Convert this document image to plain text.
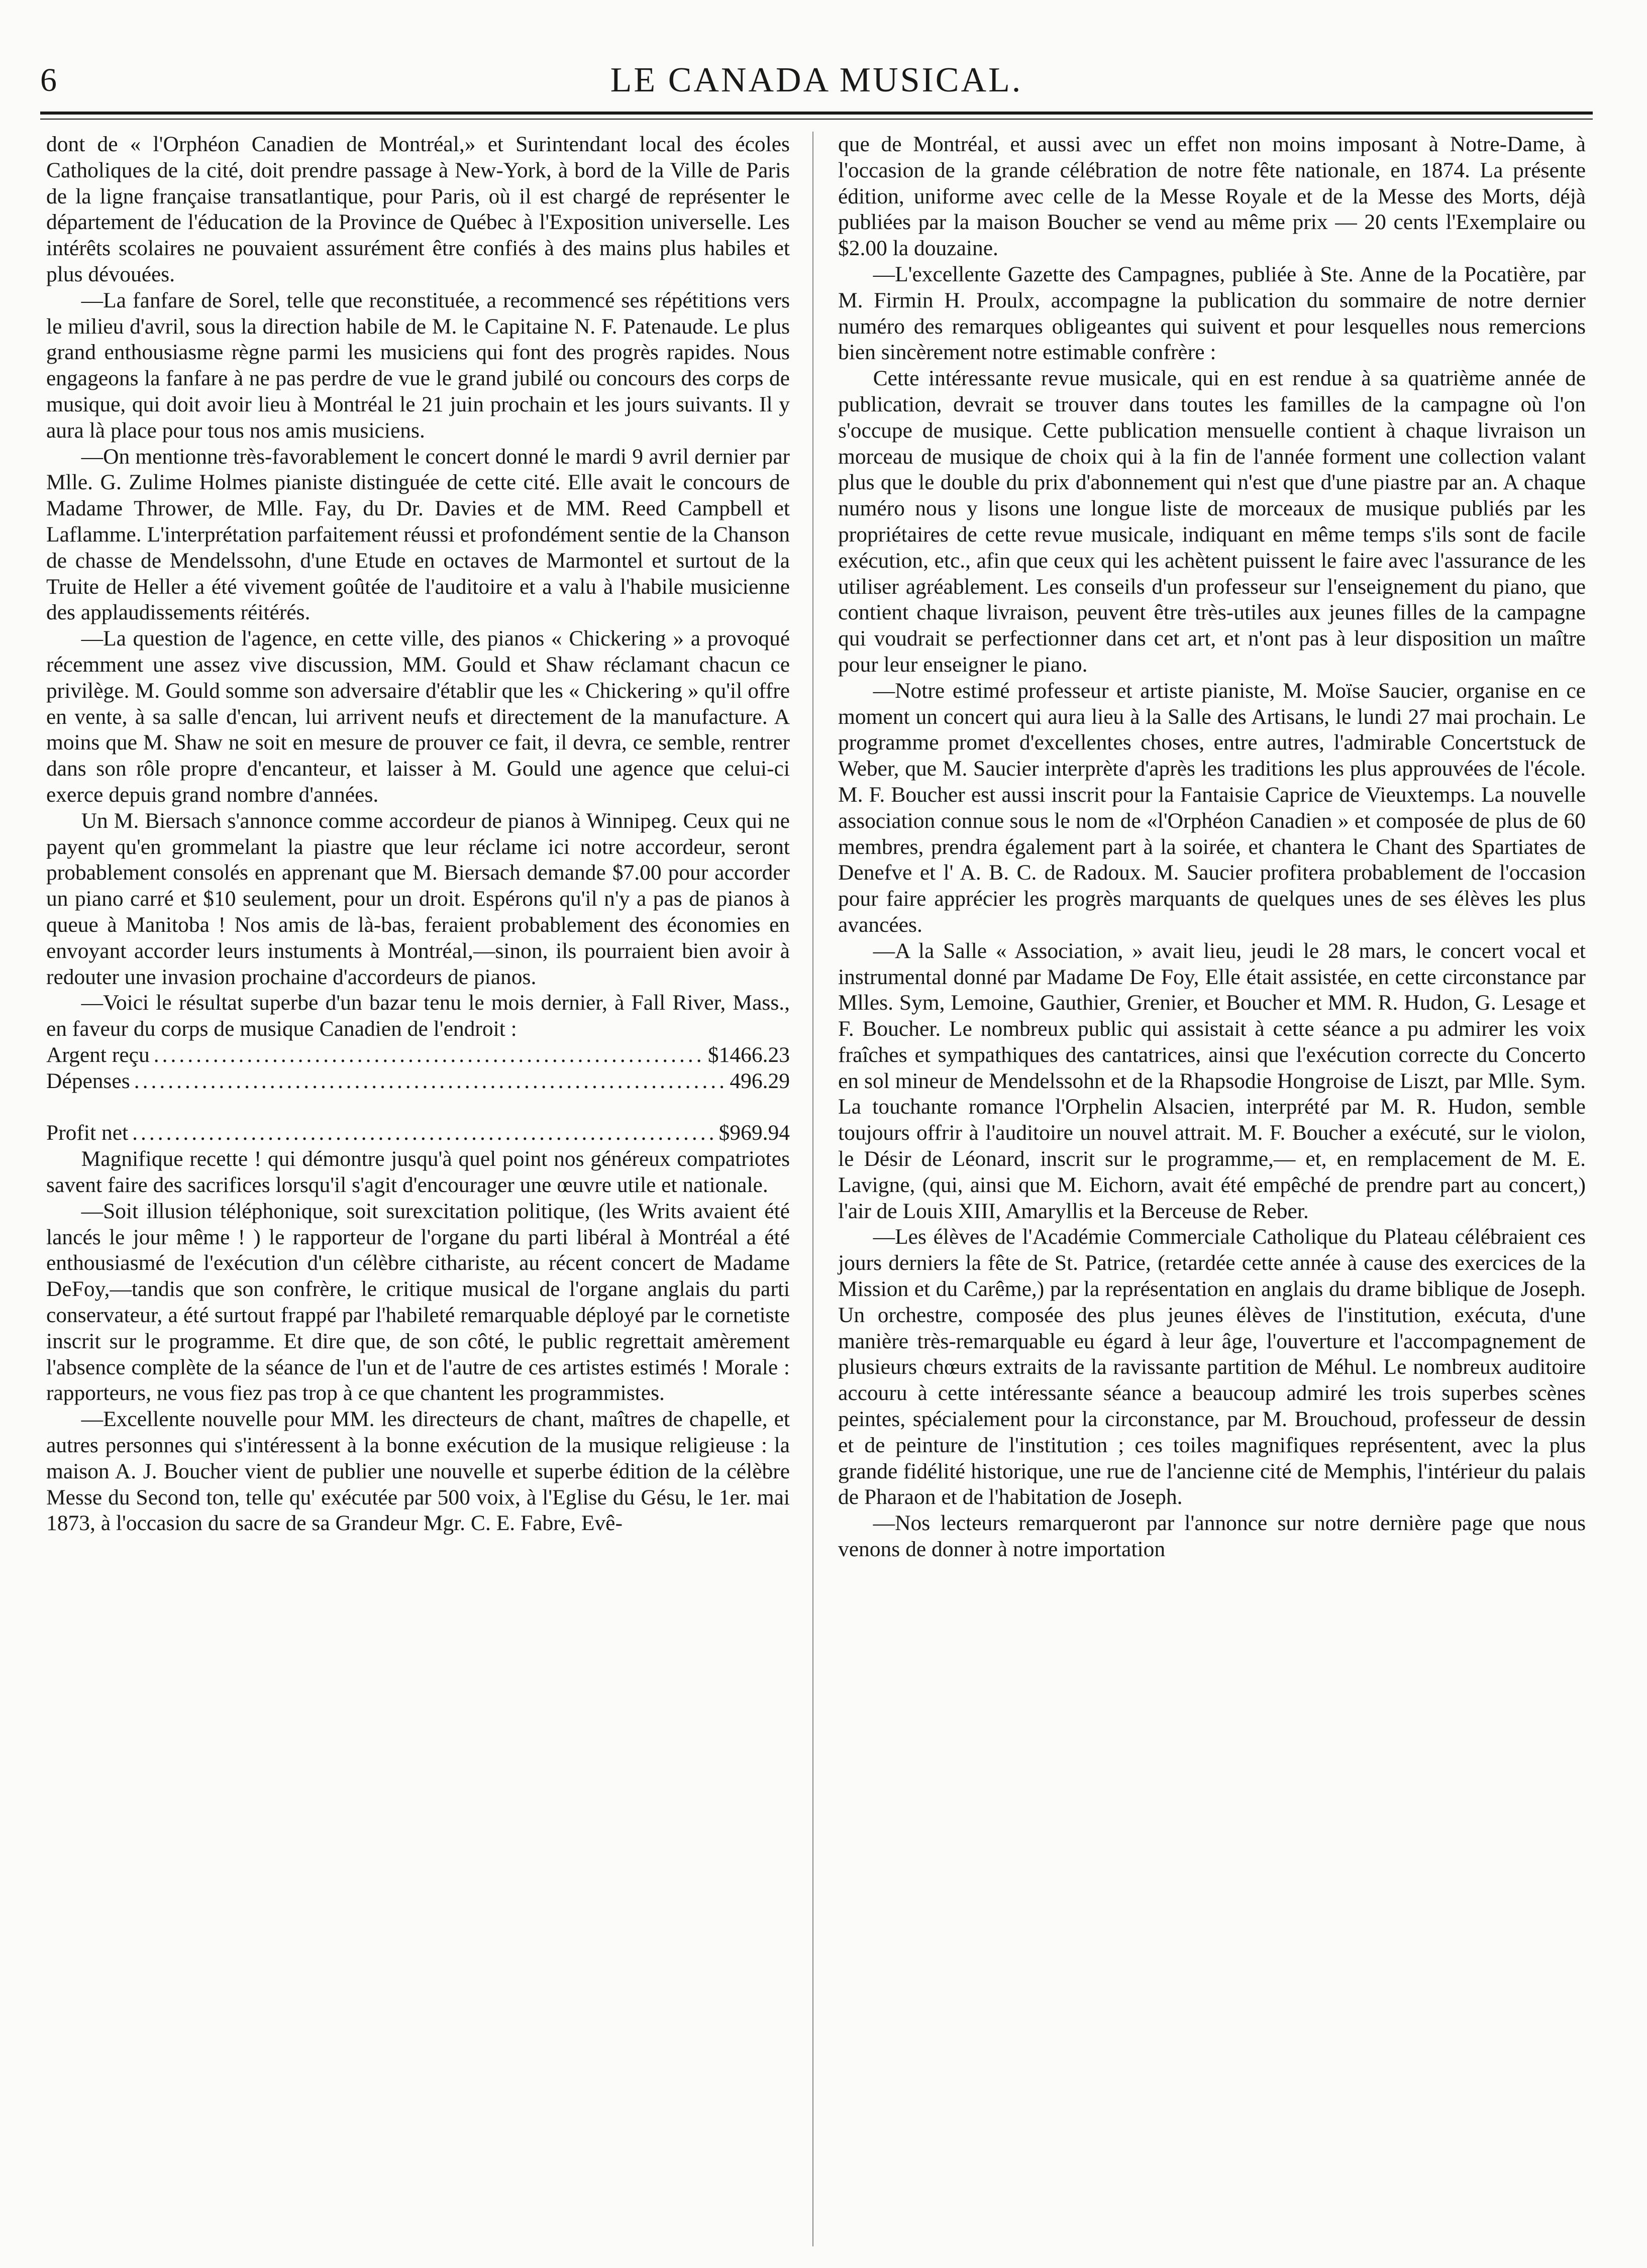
6	LE CANADA MUSICAL.

dont de « l'Orphéon Canadien de Montréal,» et Surintendant local des écoles Catholiques de la cité, doit prendre passage à New-York, à bord de la Ville de Paris de la ligne française transatlantique, pour Paris, où il est chargé de représenter le département de l'éducation de la Province de Québec à l'Exposition universelle. Les intérêts scolaires ne pouvaient assurément être confiés à des mains plus habiles et plus dévouées.

—La fanfare de Sorel, telle que reconstituée, a recommencé ses répétitions vers le milieu d'avril, sous la direction habile de M. le Capitaine N. F. Patenaude. Le plus grand enthousiasme règne parmi les musiciens qui font des progrès rapides. Nous engageons la fanfare à ne pas perdre de vue le grand jubilé ou concours des corps de musique, qui doit avoir lieu à Montréal le 21 juin prochain et les jours suivants. Il y aura là place pour tous nos amis musiciens.

—On mentionne très-favorablement le concert donné le mardi 9 avril dernier par Mlle. G. Zulime Holmes pianiste distinguée de cette cité. Elle avait le concours de Madame Thrower, de Mlle. Fay, du Dr. Davies et de MM. Reed Campbell et Laflamme. L'interprétation parfaitement réussi et profondément sentie de la Chanson de chasse de Mendelssohn, d'une Etude en octaves de Marmontel et surtout de la Truite de Heller a été vivement goûtée de l'auditoire et a valu à l'habile musicienne des applaudissements réitérés.

—La question de l'agence, en cette ville, des pianos « Chickering » a provoqué récemment une assez vive discussion, MM. Gould et Shaw réclamant chacun ce privilège. M. Gould somme son adversaire d'établir que les « Chickering » qu'il offre en vente, à sa salle d'encan, lui arrivent neufs et directement de la manufacture. A moins que M. Shaw ne soit en mesure de prouver ce fait, il devra, ce semble, rentrer dans son rôle propre d'encanteur, et laisser à M. Gould une agence que celui-ci exerce depuis grand nombre d'années.

Un M. Biersach s'annonce comme accordeur de pianos à Winnipeg. Ceux qui ne payent qu'en grommelant la piastre que leur réclame ici notre accordeur, seront probablement consolés en apprenant que M. Biersach demande $7.00 pour accorder un piano carré et $10 seulement, pour un droit. Espérons qu'il n'y a pas de pianos à queue à Manitoba ! Nos amis de là-bas, feraient probablement des économies en envoyant accorder leurs instuments à Montréal,—sinon, ils pourraient bien avoir à redouter une invasion prochaine d'accordeurs de pianos.

—Voici le résultat superbe d'un bazar tenu le mois dernier, à Fall River, Mass., en faveur du corps de musique Canadien de l'endroit :

Argent reçu .....	$1466.23
Dépenses .....	496.29
Profit net .....	$969.94

Magnifique recette ! qui démontre jusqu'à quel point nos généreux compatriotes savent faire des sacrifices lorsqu'il s'agit d'encourager une œuvre utile et nationale.

—Soit illusion téléphonique, soit surexcitation politique, (les Writs avaient été lancés le jour même ! ) le rapporteur de l'organe du parti libéral à Montréal a été enthousiasmé de l'exécution d'un célèbre cithariste, au récent concert de Madame DeFoy,—tandis que son confrère, le critique musical de l'organe anglais du parti conservateur, a été surtout frappé par l'habileté remarquable déployé par le cornetiste inscrit sur le programme. Et dire que, de son côté, le public regrettait amèrement l'absence complète de la séance de l'un et de l'autre de ces artistes estimés ! Morale : rapporteurs, ne vous fiez pas trop à ce que chantent les programmistes.

—Excellente nouvelle pour MM. les directeurs de chant, maîtres de chapelle, et autres personnes qui s'intéressent à la bonne exécution de la musique religieuse : la maison A. J. Boucher vient de publier une nouvelle et superbe édition de la célèbre Messe du Second ton, telle qu' exécutée par 500 voix, à l'Eglise du Gésu, le 1er. mai 1873, à l'occasion du sacre de sa Grandeur Mgr. C. E. Fabre, Evê-

que de Montréal, et aussi avec un effet non moins imposant à Notre-Dame, à l'occasion de la grande célébration de notre fête nationale, en 1874. La présente édition, uniforme avec celle de la Messe Royale et de la Messe des Morts, déjà publiées par la maison Boucher se vend au même prix — 20 cents l'Exemplaire ou $2.00 la douzaine.

—L'excellente Gazette des Campagnes, publiée à Ste. Anne de la Pocatière, par M. Firmin H. Proulx, accompagne la publication du sommaire de notre dernier numéro des remarques obligeantes qui suivent et pour lesquelles nous remercions bien sincèrement notre estimable confrère :

Cette intéressante revue musicale, qui en est rendue à sa quatrième année de publication, devrait se trouver dans toutes les familles de la campagne où l'on s'occupe de musique. Cette publication mensuelle contient à chaque livraison un morceau de musique de choix qui à la fin de l'année forment une collection valant plus que le double du prix d'abonnement qui n'est que d'une piastre par an. A chaque numéro nous y lisons une longue liste de morceaux de musique publiés par les propriétaires de cette revue musicale, indiquant en même temps s'ils sont de facile exécution, etc., afin que ceux qui les achètent puissent le faire avec l'assurance de les utiliser agréablement. Les conseils d'un professeur sur l'enseignement du piano, que contient chaque livraison, peuvent être très-utiles aux jeunes filles de la campagne qui voudrait se perfectionner dans cet art, et n'ont pas à leur disposition un maître pour leur enseigner le piano.

—Notre estimé professeur et artiste pianiste, M. Moïse Saucier, organise en ce moment un concert qui aura lieu à la Salle des Artisans, le lundi 27 mai prochain. Le programme promet d'excellentes choses, entre autres, l'admirable Concertstuck de Weber, que M. Saucier interprète d'après les traditions les plus approuvées de l'école. M. F. Boucher est aussi inscrit pour la Fantaisie Caprice de Vieuxtemps. La nouvelle association connue sous le nom de «l'Orphéon Canadien » et composée de plus de 60 membres, prendra également part à la soirée, et chantera le Chant des Spartiates de Denefve et l' A. B. C. de Radoux. M. Saucier profitera probablement de l'occasion pour faire apprécier les progrès marquants de quelques unes de ses élèves les plus avancées.

—A la Salle « Association, » avait lieu, jeudi le 28 mars, le concert vocal et instrumental donné par Madame De Foy, Elle était assistée, en cette circonstance par Mlles. Sym, Lemoine, Gauthier, Grenier, et Boucher et MM. R. Hudon, G. Lesage et F. Boucher. Le nombreux public qui assistait à cette séance a pu admirer les voix fraîches et sympathiques des cantatrices, ainsi que l'exécution correcte du Concerto en sol mineur de Mendelssohn et de la Rhapsodie Hongroise de Liszt, par Mlle. Sym. La touchante romance l'Orphelin Alsacien, interprété par M. R. Hudon, semble toujours offrir à l'auditoire un nouvel attrait. M. F. Boucher a exécuté, sur le violon, le Désir de Léonard, inscrit sur le programme,— et, en remplacement de M. E. Lavigne, (qui, ainsi que M. Eichorn, avait été empêché de prendre part au concert,) l'air de Louis XIII, Amaryllis et la Berceuse de Reber.

—Les élèves de l'Académie Commerciale Catholique du Plateau célébraient ces jours derniers la fête de St. Patrice, (retardée cette année à cause des exercices de la Mission et du Carême,) par la représentation en anglais du drame biblique de Joseph. Un orchestre, composée des plus jeunes élèves de l'institution, exécuta, d'une manière très-remarquable eu égard à leur âge, l'ouverture et l'accompagnement de plusieurs chœurs extraits de la ravissante partition de Méhul. Le nombreux auditoire accouru à cette intéressante séance a beaucoup admiré les trois superbes scènes peintes, spécialement pour la circonstance, par M. Brouchoud, professeur de dessin et de peinture de l'institution ; ces toiles magnifiques représentent, avec la plus grande fidélité historique, une rue de l'ancienne cité de Memphis, l'intérieur du palais de Pharaon et de l'habitation de Joseph.

—Nos lecteurs remarqueront par l'annonce sur notre dernière page que nous venons de donner à notre importation
